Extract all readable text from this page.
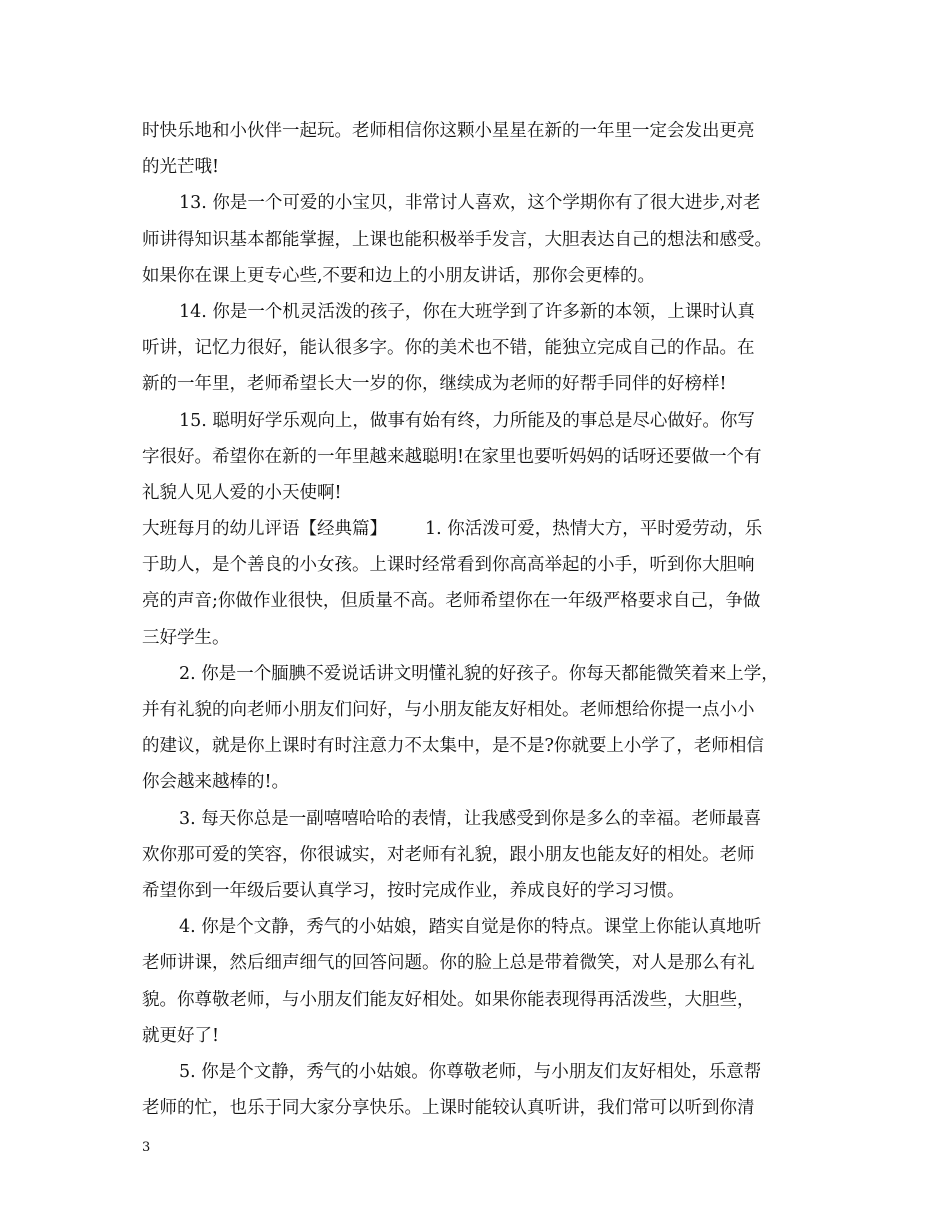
时快乐地和小伙伴一起玩。老师相信你这颗小星星在新的一年里一定会发出更亮
的光芒哦!
13. 你是一个可爱的小宝贝，非常讨人喜欢，这个学期你有了很大进步,对老
师讲得知识基本都能掌握，上课也能积极举手发言，大胆表达自己的想法和感受。
如果你在课上更专心些,不要和边上的小朋友讲话，那你会更棒的。
14. 你是一个机灵活泼的孩子，你在大班学到了许多新的本领，上课时认真
听讲，记忆力很好，能认很多字。你的美术也不错，能独立完成自己的作品。在
新的一年里，老师希望长大一岁的你，继续成为老师的好帮手同伴的好榜样!
15. 聪明好学乐观向上，做事有始有终，力所能及的事总是尽心做好。你写
字很好。希望你在新的一年里越来越聪明!在家里也要听妈妈的话呀还要做一个有
礼貌人见人爱的小天使啊!
大班每月的幼儿评语【经典篇】 1. 你活泼可爱，热情大方，平时爱劳动，乐
于助人，是个善良的小女孩。上课时经常看到你高高举起的小手，听到你大胆响
亮的声音;你做作业很快，但质量不高。老师希望你在一年级严格要求自己，争做
三好学生。
2. 你是一个腼腆不爱说话讲文明懂礼貌的好孩子。你每天都能微笑着来上学，
并有礼貌的向老师小朋友们问好，与小朋友能友好相处。老师想给你提一点小小
的建议，就是你上课时有时注意力不太集中，是不是?你就要上小学了，老师相信
你会越来越棒的!。
3. 每天你总是一副嘻嘻哈哈的表情，让我感受到你是多么的幸福。老师最喜
欢你那可爱的笑容，你很诚实，对老师有礼貌，跟小朋友也能友好的相处。老师
希望你到一年级后要认真学习，按时完成作业，养成良好的学习习惯。
4. 你是个文静，秀气的小姑娘，踏实自觉是你的特点。课堂上你能认真地听
老师讲课，然后细声细气的回答问题。你的脸上总是带着微笑，对人是那么有礼
貌。你尊敬老师，与小朋友们能友好相处。如果你能表现得再活泼些，大胆些，
就更好了!
5. 你是个文静，秀气的小姑娘。你尊敬老师，与小朋友们友好相处，乐意帮
老师的忙，也乐于同大家分享快乐。上课时能较认真听讲，我们常可以听到你清
3
